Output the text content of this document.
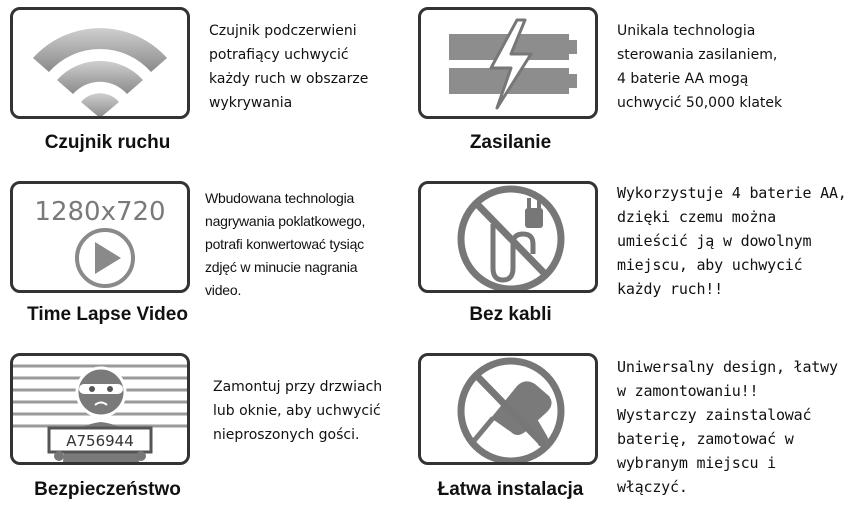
Czujnik podczerwieni
potrafiący uchwycić
każdy ruch w obszarze
wykrywania
Czujnik ruchu
Unikala technologia
sterowania zasilaniem,
4 baterie AA mogą
uchwycić 50,000 klatek
Zasilanie
1280x720	Wbudowana technologia
nagrywania poklatkowego,
potrafi konwertować tysiąc
zdjęć w minucie nagrania
video.
Time Lapse Video
Wykorzystuje 4 baterie AA,
dzięki czemu można
umieścić ją w dowolnym
miejscu, aby uchwycić
każdy ruch!!
Bez kabli
A756944
Zamontuj przy drzwiach
lub oknie, aby uchwycić
nieproszonych gości.
Bezpieczeństwo
Uniwersalny design, łatwy
w zamontowaniu!!
Wystarczy zainstalować
baterię, zamotować w
wybranym miejscu i włączyć.
Łatwa instalacja
